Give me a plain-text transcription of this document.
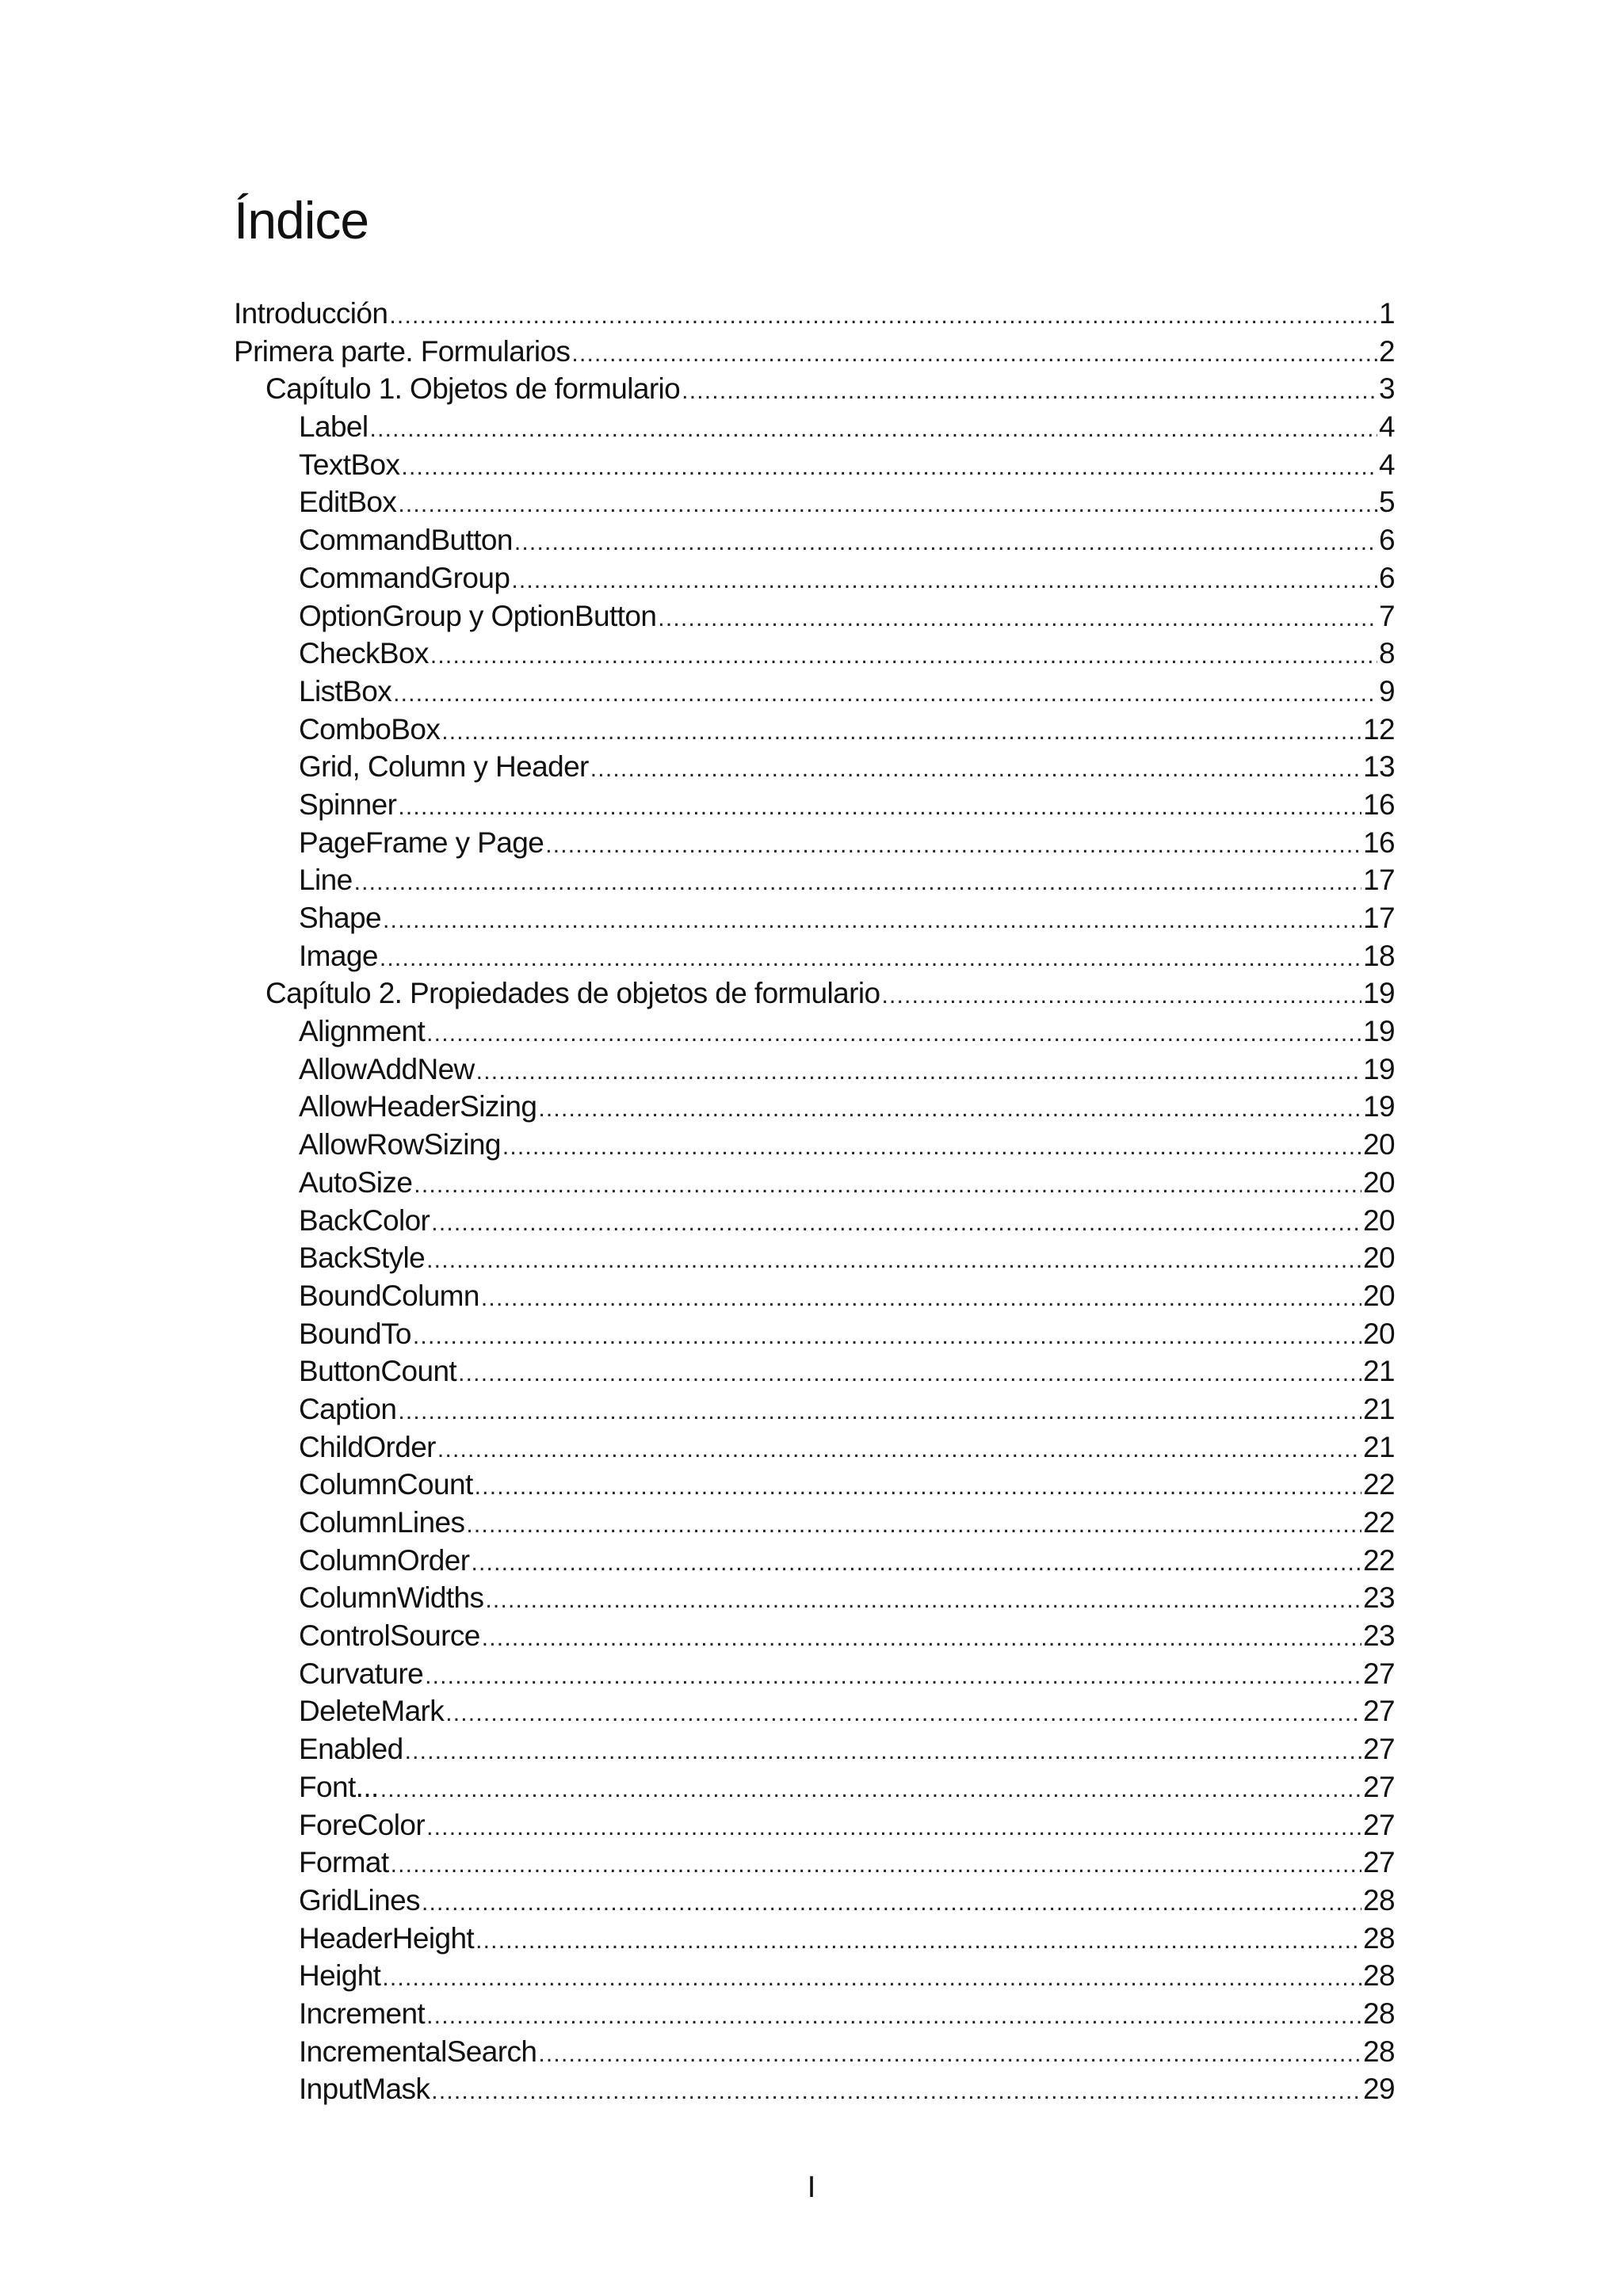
Índice
Introducción .....	1
Primera parte. Formularios .....	2
Capítulo 1. Objetos de formulario .....	3
Label .....	4
TextBox .....	4
EditBox .....	5
CommandButton .....	6
CommandGroup .....	6
OptionGroup y OptionButton .....	7
CheckBox .....	8
ListBox .....	9
ComboBox .....	12
Grid, Column y Header .....	13
Spinner .....	16
PageFrame y Page .....	16
Line .....	17
Shape .....	17
Image .....	18
Capítulo 2. Propiedades de objetos de formulario .....	19
Alignment .....	19
AllowAddNew .....	19
AllowHeaderSizing .....	19
AllowRowSizing .....	20
AutoSize .....	20
BackColor .....	20
BackStyle .....	20
BoundColumn .....	20
BoundTo .....	20
ButtonCount .....	21
Caption .....	21
ChildOrder .....	21
ColumnCount .....	22
ColumnLines .....	22
ColumnOrder .....	22
ColumnWidths .....	23
ControlSource .....	23
Curvature .....	27
DeleteMark .....	27
Enabled .....	27
Font... .....	27
ForeColor .....	27
Format .....	27
GridLines .....	28
HeaderHeight .....	28
Height .....	28
Increment .....	28
IncrementalSearch .....	28
InputMask .....	29
I
